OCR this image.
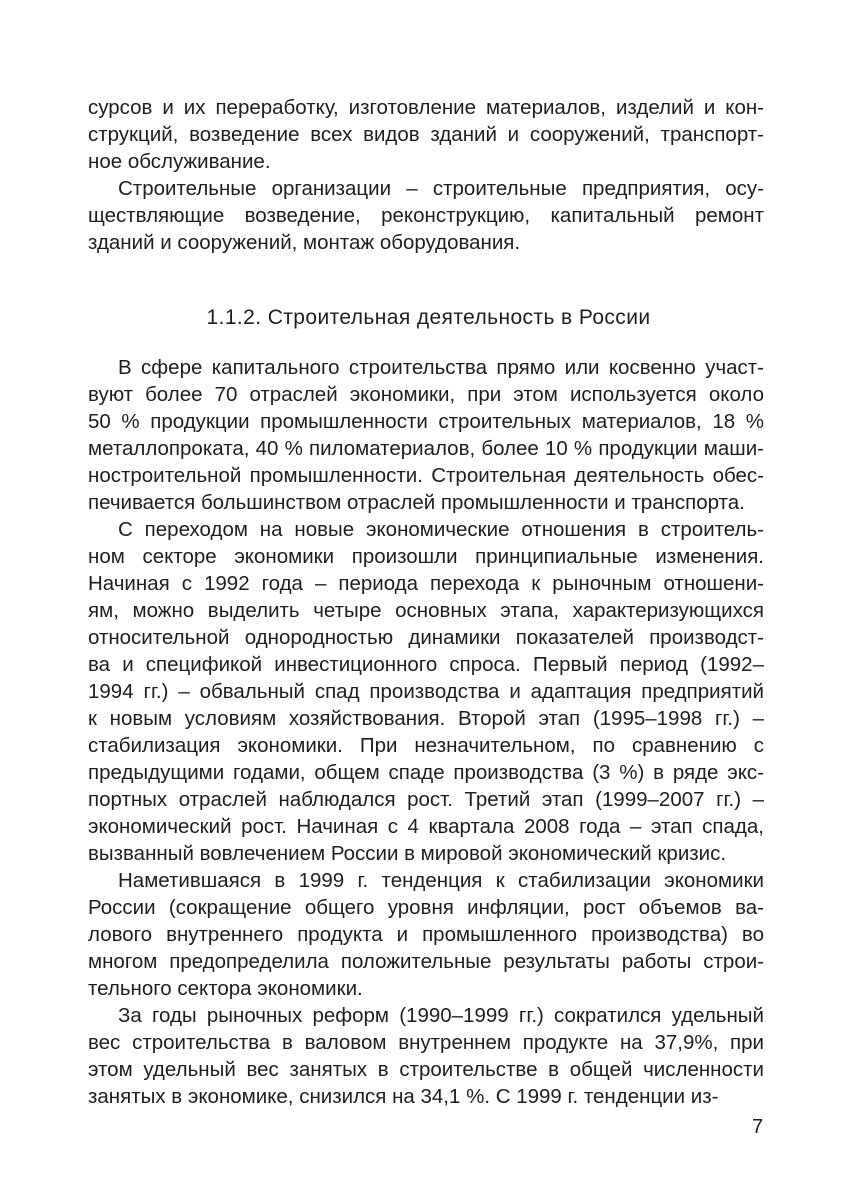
сурсов и их переработку, изготовление материалов, изделий и кон-
струкций, возведение всех видов зданий и сооружений, транспорт-
ное обслуживание.
Строительные организации – строительные предприятия, осу-
ществляющие возведение, реконструкцию, капитальный ремонт
зданий и сооружений, монтаж оборудования.
В сфере капитального строительства прямо или косвенно участ-
вуют более 70 отраслей экономики, при этом используется около
50 % продукции промышленности строительных материалов, 18 %
металлопроката, 40 % пиломатериалов, более 10 % продукции маши-
ностроительной промышленности. Строительная деятельность обес-
печивается большинством отраслей промышленности и транспорта.
С переходом на новые экономические отношения в строитель-
ном секторе экономики произошли принципиальные изменения.
Начиная с 1992 года – периода перехода к рыночным отношени-
ям, можно выделить четыре основных этапа, характеризующихся
относительной однородностью динамики показателей производст-
ва и спецификой инвестиционного спроса. Первый период (1992–
1994 гг.) – обвальный спад производства и адаптация предприятий
к новым условиям хозяйствования. Второй этап (1995–1998 гг.) –
стабилизация экономики. При незначительном, по сравнению с
предыдущими годами, общем спаде производства (3 %) в ряде экс-
портных отраслей наблюдался рост. Третий этап (1999–2007 гг.) –
экономический рост. Начиная с 4 квартала 2008 года – этап спада,
вызванный вовлечением России в мировой экономический кризис.
Наметившаяся в 1999 г. тенденция к стабилизации экономики
России (сокращение общего уровня инфляции, рост объемов ва-
лового внутреннего продукта и промышленного производства) во
многом предопределила положительные результаты работы строи-
тельного сектора экономики.
За годы рыночных реформ (1990–1999 гг.) сократился удельный
вес строительства в валовом внутреннем продукте на 37,9%, при
этом удельный вес занятых в строительстве в общей численности
занятых в экономике, снизился на 34,1 %. С 1999 г. тенденции из-
1.1.2. Строительная деятельность в России
7
